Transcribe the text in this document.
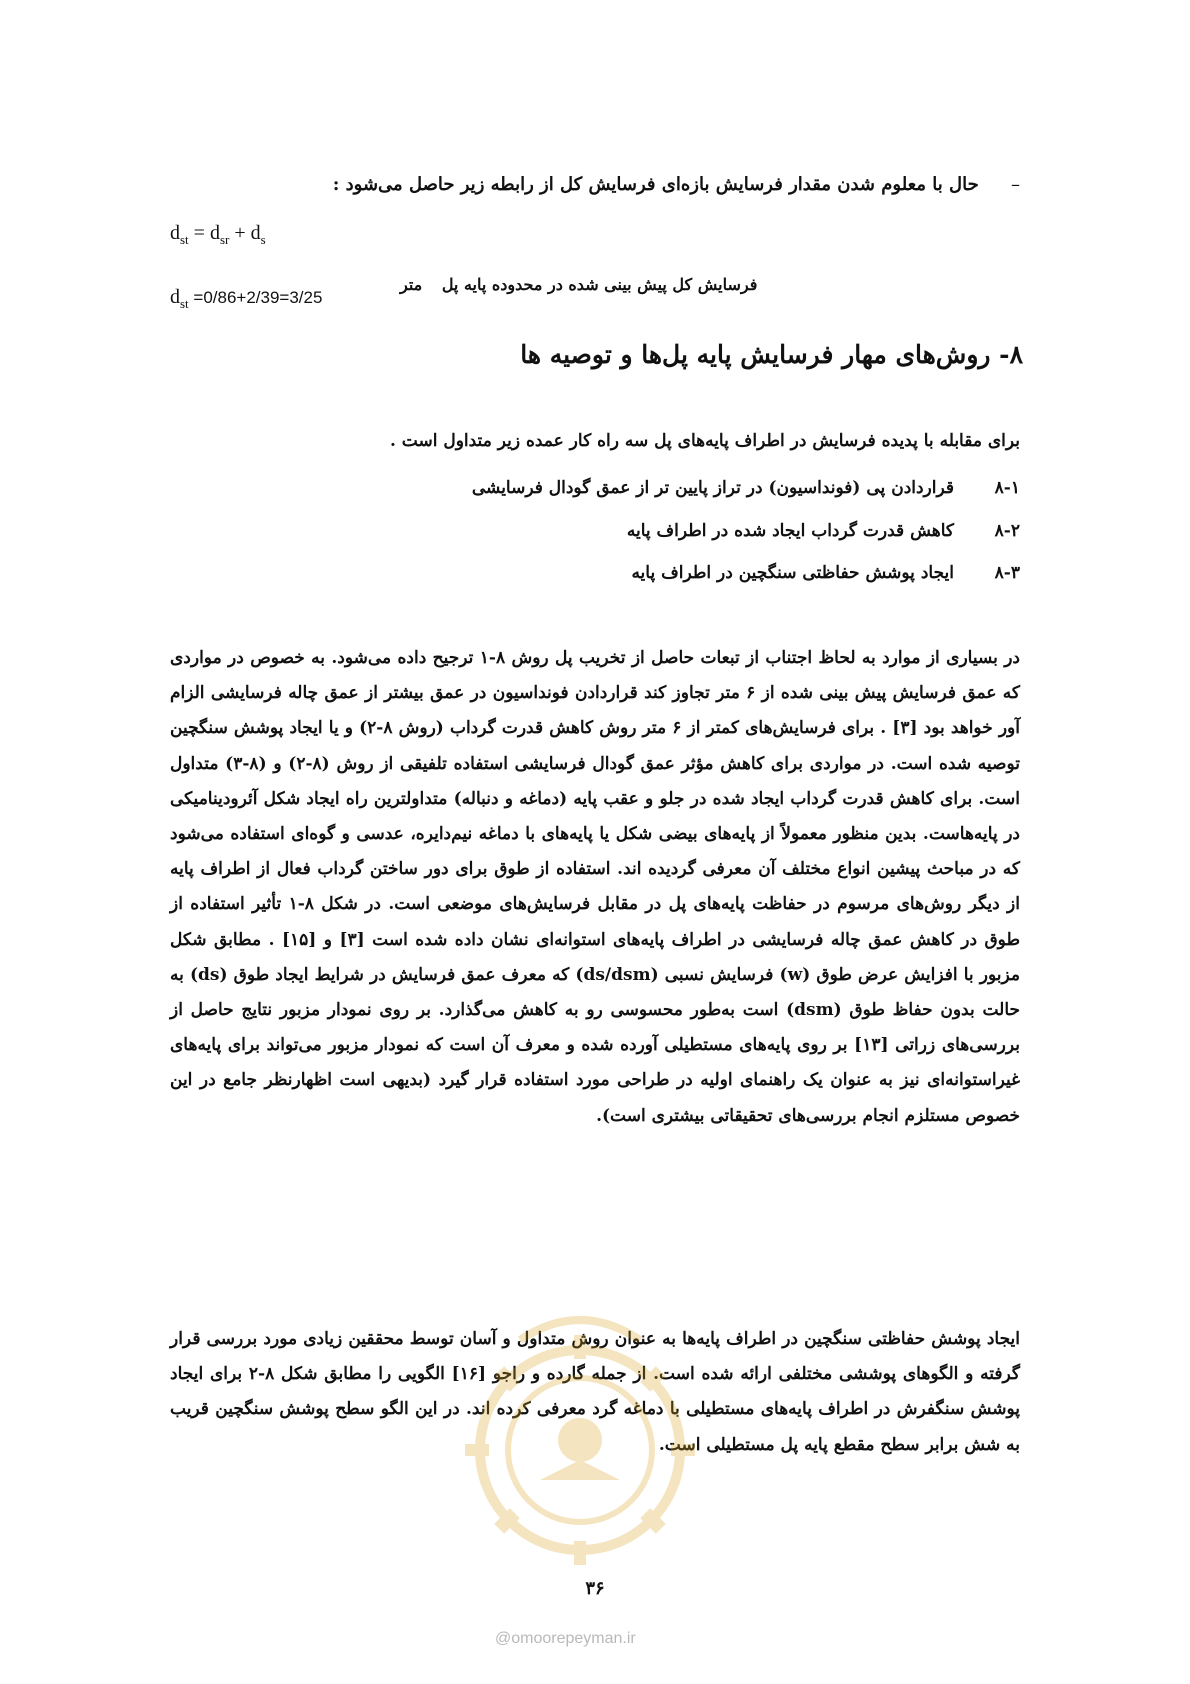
– حال با معلوم شدن مقدار فرسایش بازه‌ای فرسایش کل از رابطه زیر حاصل می‌شود :
$d_{st} = d_{sr} + d_s$
$d_{st} =0/86+2/39=3/25$
فرسایش کل پیش بینی شده در محدوده پایه پل متر
۸- روش‌های مهار فرسایش پایه پل‌ها و توصیه ها
برای مقابله با پدیده فرسایش در اطراف پایه‌های پل سه راه کار عمده زیر متداول است .
۸-۱قراردادن پی (فونداسیون) در تراز پایین تر از عمق گودال فرسایشی
۸-۲کاهش قدرت گرداب ایجاد شده در اطراف پایه
۸-۳ایجاد پوشش حفاظتی سنگچین در اطراف پایه

در بسیاری از موارد به لحاظ اجتناب از تبعات حاصل از تخریب پل روش ۸-۱ ترجیح داده می‌شود. به خصوص در مواردی که عمق فرسایش پیش بینی شده از ۶ متر تجاوز کند قراردادن فونداسیون در عمق بیشتر از عمق چاله فرسایشی الزام آور خواهد بود [۳] . برای فرسایش‌های کمتر از ۶ متر روش کاهش قدرت گرداب (روش ۸-۲) و یا ایجاد پوشش سنگچین توصیه شده است. در مواردی برای کاهش مؤثر عمق گودال فرسایشی استفاده تلفیقی از روش (۸-۲) و (۸-۳) متداول است. برای کاهش قدرت گرداب ایجاد شده در جلو و عقب پایه (دماغه و دنباله) متداولترین راه ایجاد شکل آئرودینامیکی در پایه‌هاست. بدین منظور معمولاً از پایه‌های بیضی شکل یا پایه‌های با دماغه نیم‌دایره، عدسی و گوه‌ای استفاده می‌شود که در مباحث پیشین انواع مختلف آن معرفی گردیده اند. استفاده از طوق برای دور ساختن گرداب فعال از اطراف پایه از دیگر روش‌های مرسوم در حفاظت پایه‌های پل در مقابل فرسایش‌های موضعی است. در شکل ۸-۱ تأثیر استفاده از طوق در کاهش عمق چاله فرسایشی در اطراف پایه‌های استوانه‌ای نشان داده شده است [۳] و [۱۵] . مطابق شکل مزبور با افزایش عرض طوق (w) فرسایش نسبی (ds/dsm) که معرف عمق فرسایش در شرایط ایجاد طوق (ds) به حالت بدون حفاظ طوق (dsm) است به‌طور محسوسی رو به کاهش می‌گذارد. بر روی نمودار مزبور نتایج حاصل از بررسی‌های زراتی [۱۳] بر روی پایه‌های مستطیلی آورده شده و معرف آن است که نمودار مزبور می‌تواند برای پایه‌های غیراستوانه‌ای نیز به عنوان یک راهنمای اولیه در طراحی مورد استفاده قرار گیرد (بدیهی است اظهارنظر جامع در این خصوص مستلزم انجام بررسی‌های تحقیقاتی بیشتری است).

ایجاد پوشش حفاظتی سنگچین در اطراف پایه‌ها به عنوان روش متداول و آسان توسط محققین زیادی مورد بررسی قرار گرفته و الگوهای پوششی مختلفی ارائه شده است. از جمله گارده و راجو [۱۶] الگویی را مطابق شکل ۸-۲ برای ایجاد پوشش سنگفرش در اطراف پایه‌های مستطیلی با دماغه گرد معرفی کرده اند. در این الگو سطح پوشش سنگچین قریب به شش برابر سطح مقطع پایه پل مستطیلی است.

۳۶
@omoorepeyman.ir
